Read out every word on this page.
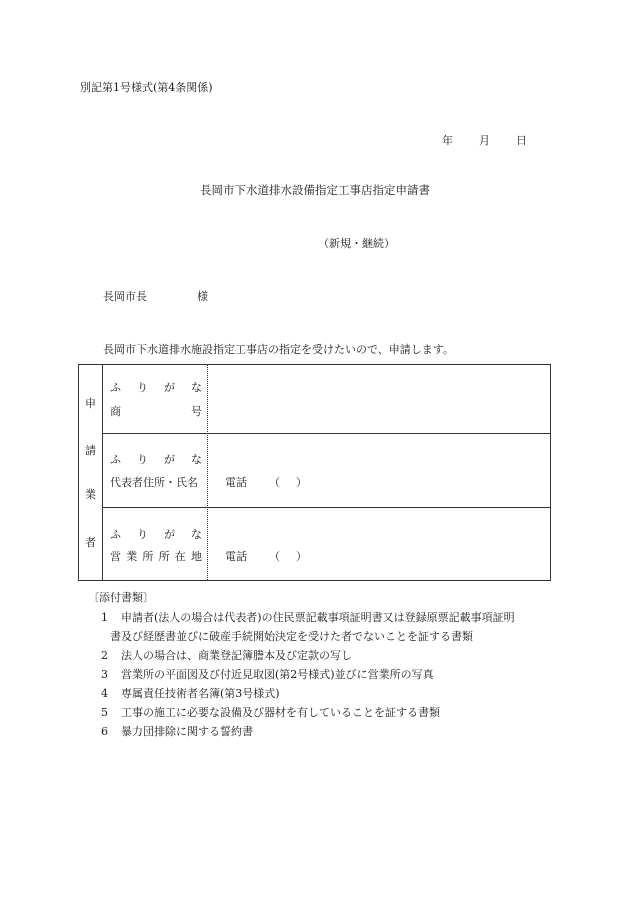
別記第1号様式(第4条関係)
年 月 日
長岡市下水道排水設備指定工事店指定申請書
（新規・継続）
長岡市長	様
長岡市下水道排水施設指定工事店の指定を受けたいので、申請します。
申
請
業
者
ふ り が な
商	号
ふ り が な
代表者住所・氏名 電話 （ ）
ふ り が な
営 業 所 所 在 地 電話 （ ）
〔添付書類〕
1 申請者(法人の場合は代表者)の住民票記載事項証明書又は登録原票記載事項証明
書及び経歴書並びに破産手続開始決定を受けた者でないことを証する書類
2 法人の場合は、商業登記簿謄本及び定款の写し
3 営業所の平面図及び付近見取図(第2号様式)並びに営業所の写真
4 専属責任技術者名簿(第3号様式)
5 工事の施工に必要な設備及び器材を有していることを証する書類
6 暴力団排除に関する誓約書
